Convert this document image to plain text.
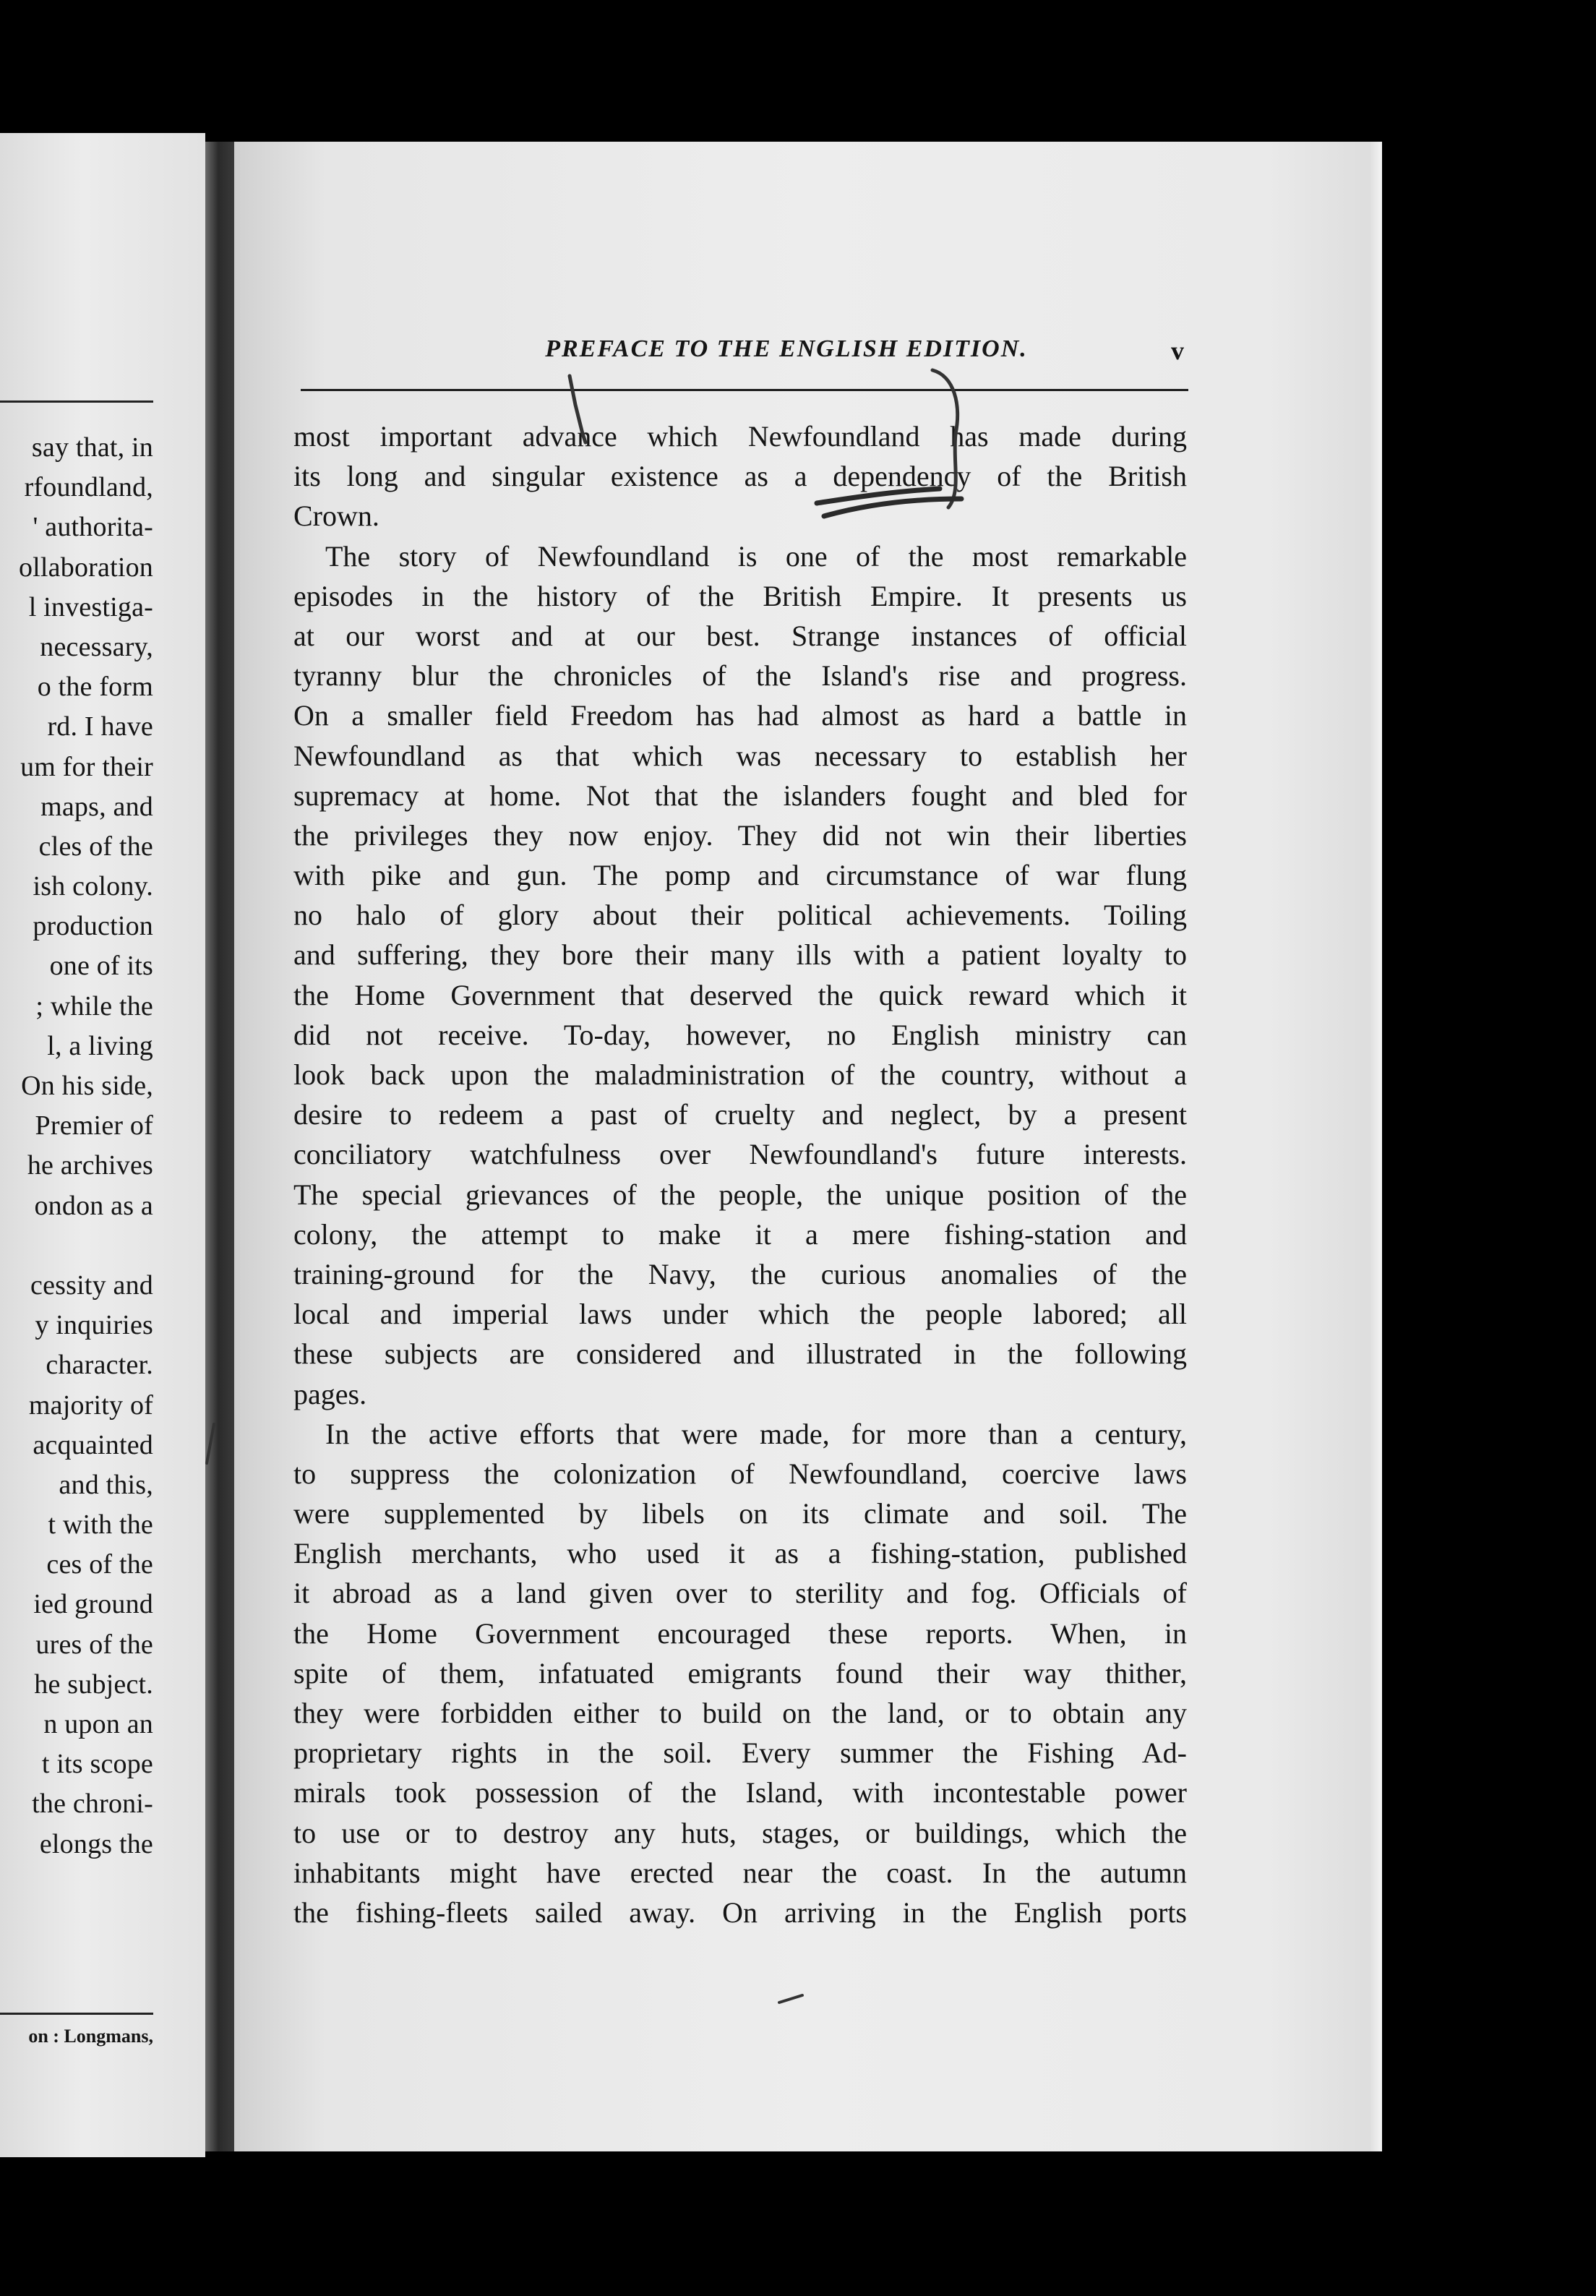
say that, in
rfoundland,
' authorita-
ollaboration
l investiga-
necessary,
o the form
rd. I have
um for their
maps, and
cles of the
ish colony.
production
one of its
; while the
l, a living
On his side,
Premier of
he archives
ondon as a
cessity and
y inquiries
character.
majority of
acquainted
and this,
t with the
ces of the
ied ground
ures of the
he subject.
n upon an
t its scope
the chroni-
elongs the
on : Longmans,
PREFACE TO THE ENGLISH EDITION.	v
most important advance which Newfoundland has made during
its long and singular existence as a dependency of the British
Crown.
The story of Newfoundland is one of the most remarkable
episodes in the history of the British Empire. It presents us
at our worst and at our best. Strange instances of official
tyranny blur the chronicles of the Island's rise and progress.
On a smaller field Freedom has had almost as hard a battle in
Newfoundland as that which was necessary to establish her
supremacy at home. Not that the islanders fought and bled for
the privileges they now enjoy. They did not win their liberties
with pike and gun. The pomp and circumstance of war flung
no halo of glory about their political achievements. Toiling
and suffering, they bore their many ills with a patient loyalty to
the Home Government that deserved the quick reward which it
did not receive. To-day, however, no English ministry can
look back upon the maladministration of the country, without a
desire to redeem a past of cruelty and neglect, by a present
conciliatory watchfulness over Newfoundland's future interests.
The special grievances of the people, the unique position of the
colony, the attempt to make it a mere fishing-station and
training-ground for the Navy, the curious anomalies of the
local and imperial laws under which the people labored; all
these subjects are considered and illustrated in the following
pages.
In the active efforts that were made, for more than a century,
to suppress the colonization of Newfoundland, coercive laws
were supplemented by libels on its climate and soil. The
English merchants, who used it as a fishing-station, published
it abroad as a land given over to sterility and fog. Officials of
the Home Government encouraged these reports. When, in
spite of them, infatuated emigrants found their way thither,
they were forbidden either to build on the land, or to obtain any
proprietary rights in the soil. Every summer the Fishing Ad-
mirals took possession of the Island, with incontestable power
to use or to destroy any huts, stages, or buildings, which the
inhabitants might have erected near the coast. In the autumn
the fishing-fleets sailed away. On arriving in the English ports
